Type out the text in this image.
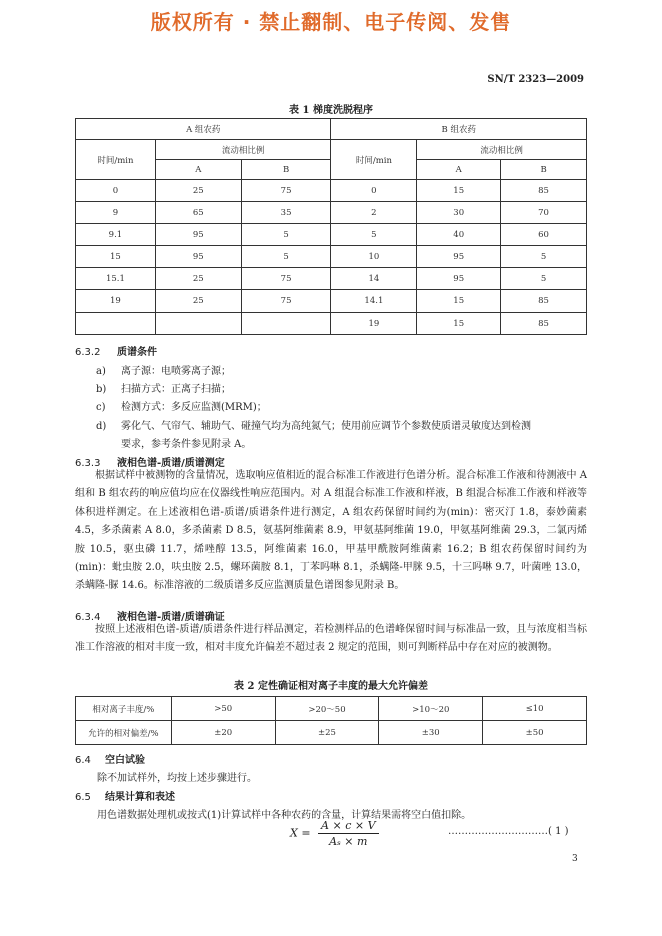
版权所有 · 禁止翻制、电子传阅、发售
SN/T 2323—2009
表 1 梯度洗脱程序
A 组农药			B 组农药		
时间/min	流动相比例		时间/min	流动相比例	
	A	B		A	B
0	25	75	0	15	85
9	65	35	2	30	70
9.1	95	5	5	40	60
15	95	5	10	95	5
15.1	25	75	14	95	5
19	25	75	14.1	15	85
			19	15	85
6.3.2 质谱条件
a) 离子源：电喷雾离子源；
b) 扫描方式：正离子扫描；
c) 检测方式：多反应监测(MRM)；
d) 雾化气、气帘气、辅助气、碰撞气均为高纯氮气；使用前应调节个参数使质谱灵敏度达到检测
要求，参考条件参见附录 A。
6.3.3 液相色谱-质谱/质谱测定
根据试样中被测物的含量情况，选取响应值相近的混合标准工作液进行色谱分析。混合标准工作液和待测液中 A 组和 B 组农药的响应值均应在仪器线性响应范围内。对 A 组混合标准工作液和样液，B 组混合标准工作液和样液等体积进样测定。在上述液相色谱-质谱/质谱条件进行测定，A 组农药保留时间约为(min)：密灭汀 1.8，泰妙菌素 4.5，多杀菌素 A 8.0，多杀菌素 D 8.5，氨基阿维菌素 8.9，甲氨基阿维菌 19.0，甲氨基阿维菌 29.3，二氯丙烯胺 10.5，驱虫磷 11.7，烯唑醇 13.5，阿维菌素 16.0，甲基甲酰胺阿维菌素 16.2；B 组农药保留时间约为(min)：蚍虫胺 2.0，呋虫胺 2.5，螺环菌胺 8.1，丁苯吗啉 8.1，杀螨隆-甲脒 9.5，十三吗啉 9.7，叶菌唑 13.0，杀螨隆-脲 14.6。标准溶液的二级质谱多反应监测质量色谱图参见附录 B。
6.3.4 液相色谱-质谱/质谱确证
按照上述液相色谱-质谱/质谱条件进行样品测定，若检测样品的色谱峰保留时间与标准品一致，且与浓度相当标准工作溶液的相对丰度一致，相对丰度允许偏差不超过表 2 规定的范围，则可判断样品中存在对应的被测物。
表 2 定性确证相对离子丰度的最大允许偏差
相对离子丰度/%	>50	>20～50	>10～20	≤10
允许的相对偏差/%	±20	±25	±30	±50
6.4 空白试验
除不加试样外，均按上述步骤进行。
6.5 结果计算和表述
用色谱数据处理机或按式(1)计算试样中各种农药的含量，计算结果需将空白值扣除。
$X = \frac{A \times c \times V}{\text{Aₛ × m}}$	…………………………( 1 )
3
